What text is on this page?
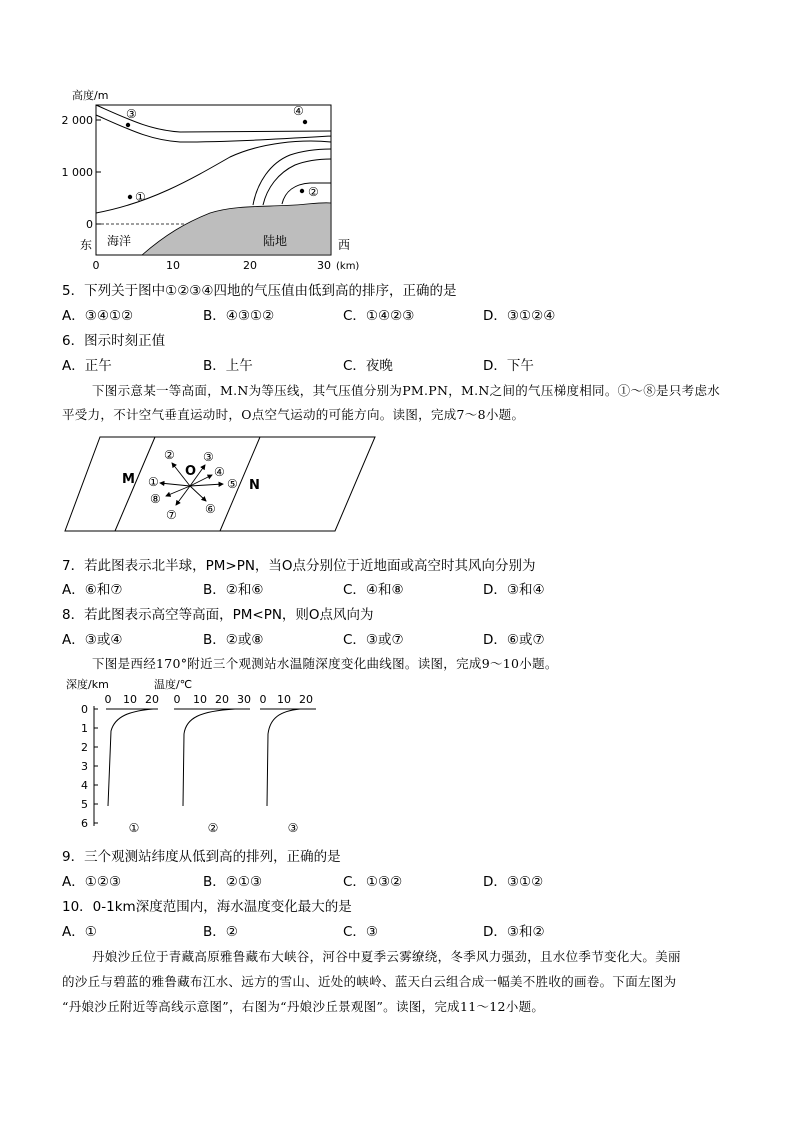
高度/m
2 000
1 000
0
③	④
①	②
海洋	陆地
东	西
0	10	20	30 (km)
5．下列关于图中①②③④四地的气压值由低到高的排序，正确的是
A．③④①②	B．④③①②	C．①④②③	D．③①②④
6．图示时刻正值
A．正午	B．上午	C．夜晚	D．下午
下图示意某一等高面，M.N为等压线，其气压值分别为PM.PN，M.N之间的气压梯度相同。①～⑧是只考虑水
平受力，不计空气垂直运动时，O点空气运动的可能方向。读图，完成7～8小题。
M	N
O
①
② ③
④
⑤
⑥
⑦
⑧
7．若此图表示北半球，PM>PN，当O点分别位于近地面或高空时其风向分别为
A．⑥和⑦	B．②和⑥	C．④和⑧	D．③和④
8．若此图表示高空等高面，PM<PN，则O点风向为
A．③或④	B．②或⑧	C．③或⑦	D．⑥或⑦
下图是西经170°附近三个观测站水温随深度变化曲线图。读图，完成9～10小题。
深度/km	温度/℃
0
1
2
3
4
5
6
0 10 20
①
0 10 20 30
②
0 10 20
③
9．三个观测站纬度从低到高的排列，正确的是
A．①②③	B．②①③	C．①③②	D．③①②
10．0-1km深度范围内，海水温度变化最大的是
A．①	B．②	C．③	D．③和②
丹娘沙丘位于青藏高原雅鲁藏布大峡谷，河谷中夏季云雾缭绕，冬季风力强劲，且水位季节变化大。美丽
的沙丘与碧蓝的雅鲁藏布江水、远方的雪山、近处的峡岭、蓝天白云组合成一幅美不胜收的画卷。下面左图为
“丹娘沙丘附近等高线示意图”，右图为“丹娘沙丘景观图”。读图，完成11～12小题。
